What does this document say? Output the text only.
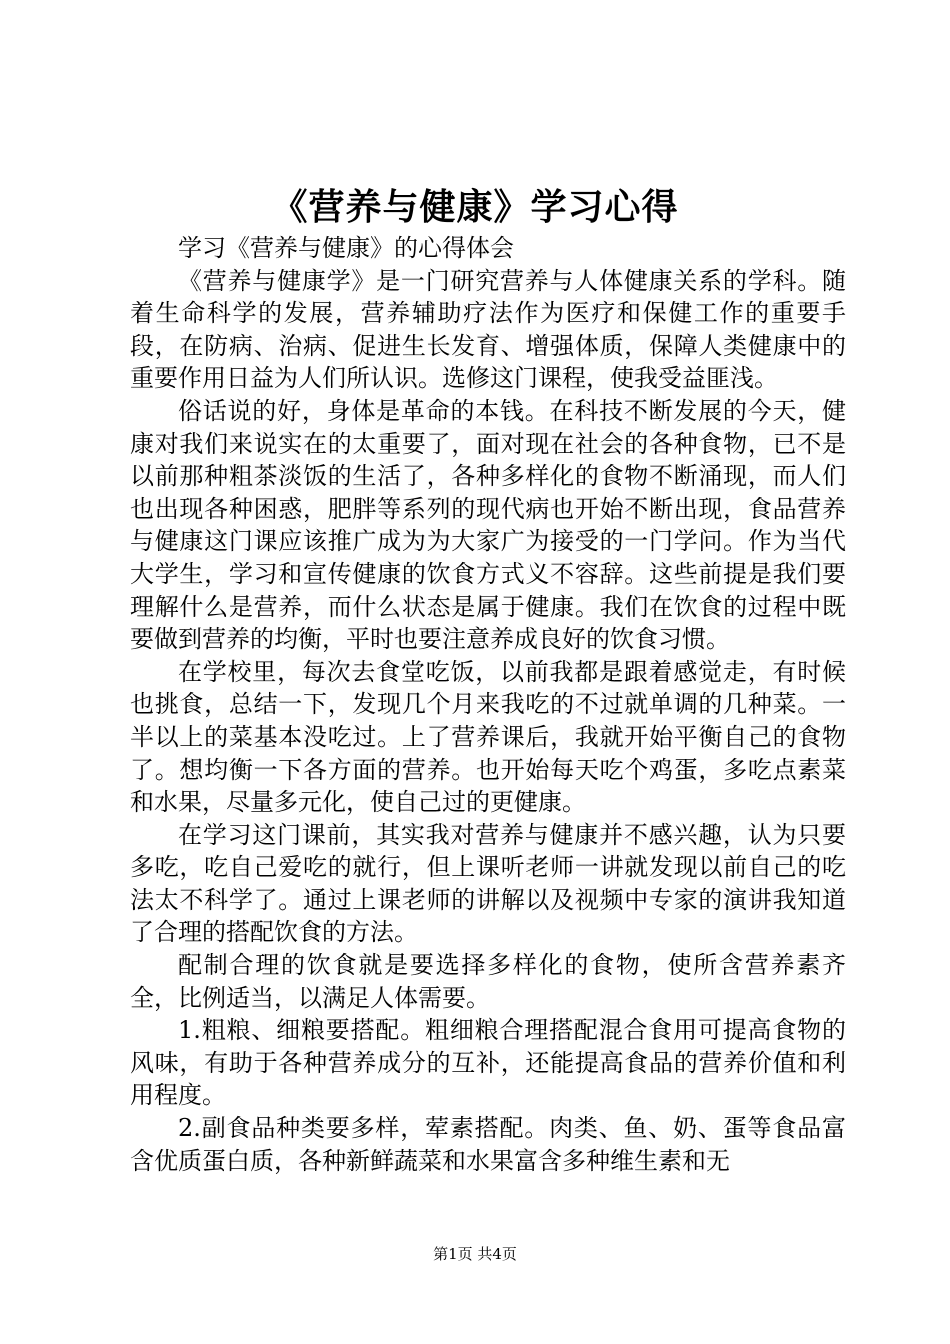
《营养与健康》学习心得

学习《营养与健康》的心得体会

《营养与健康学》是一门研究营养与人体健康关系的学科。随着生命科学的发展，营养辅助疗法作为医疗和保健工作的重要手段，在防病、治病、促进生长发育、增强体质，保障人类健康中的重要作用日益为人们所认识。选修这门课程，使我受益匪浅。

俗话说的好，身体是革命的本钱。在科技不断发展的今天，健康对我们来说实在的太重要了，面对现在社会的各种食物，已不是以前那种粗茶淡饭的生活了，各种多样化的食物不断涌现，而人们也出现各种困惑，肥胖等系列的现代病也开始不断出现，食品营养与健康这门课应该推广成为为大家广为接受的一门学问。作为当代大学生，学习和宣传健康的饮食方式义不容辞。这些前提是我们要理解什么是营养，而什么状态是属于健康。我们在饮食的过程中既要做到营养的均衡，平时也要注意养成良好的饮食习惯。

在学校里，每次去食堂吃饭，以前我都是跟着感觉走，有时候也挑食，总结一下，发现几个月来我吃的不过就单调的几种菜。一半以上的菜基本没吃过。上了营养课后，我就开始平衡自己的食物了。想均衡一下各方面的营养。也开始每天吃个鸡蛋，多吃点素菜和水果，尽量多元化，使自己过的更健康。

在学习这门课前，其实我对营养与健康并不感兴趣，认为只要多吃，吃自己爱吃的就行，但上课听老师一讲就发现以前自己的吃法太不科学了。通过上课老师的讲解以及视频中专家的演讲我知道了合理的搭配饮食的方法。

配制合理的饮食就是要选择多样化的食物，使所含营养素齐全，比例适当，以满足人体需要。

1.粗粮、细粮要搭配。粗细粮合理搭配混合食用可提高食物的风味，有助于各种营养成分的互补，还能提高食品的营养价值和利用程度。

2.副食品种类要多样，荤素搭配。肉类、鱼、奶、蛋等食品富含优质蛋白质，各种新鲜蔬菜和水果富含多种维生素和无

第1页 共4页
